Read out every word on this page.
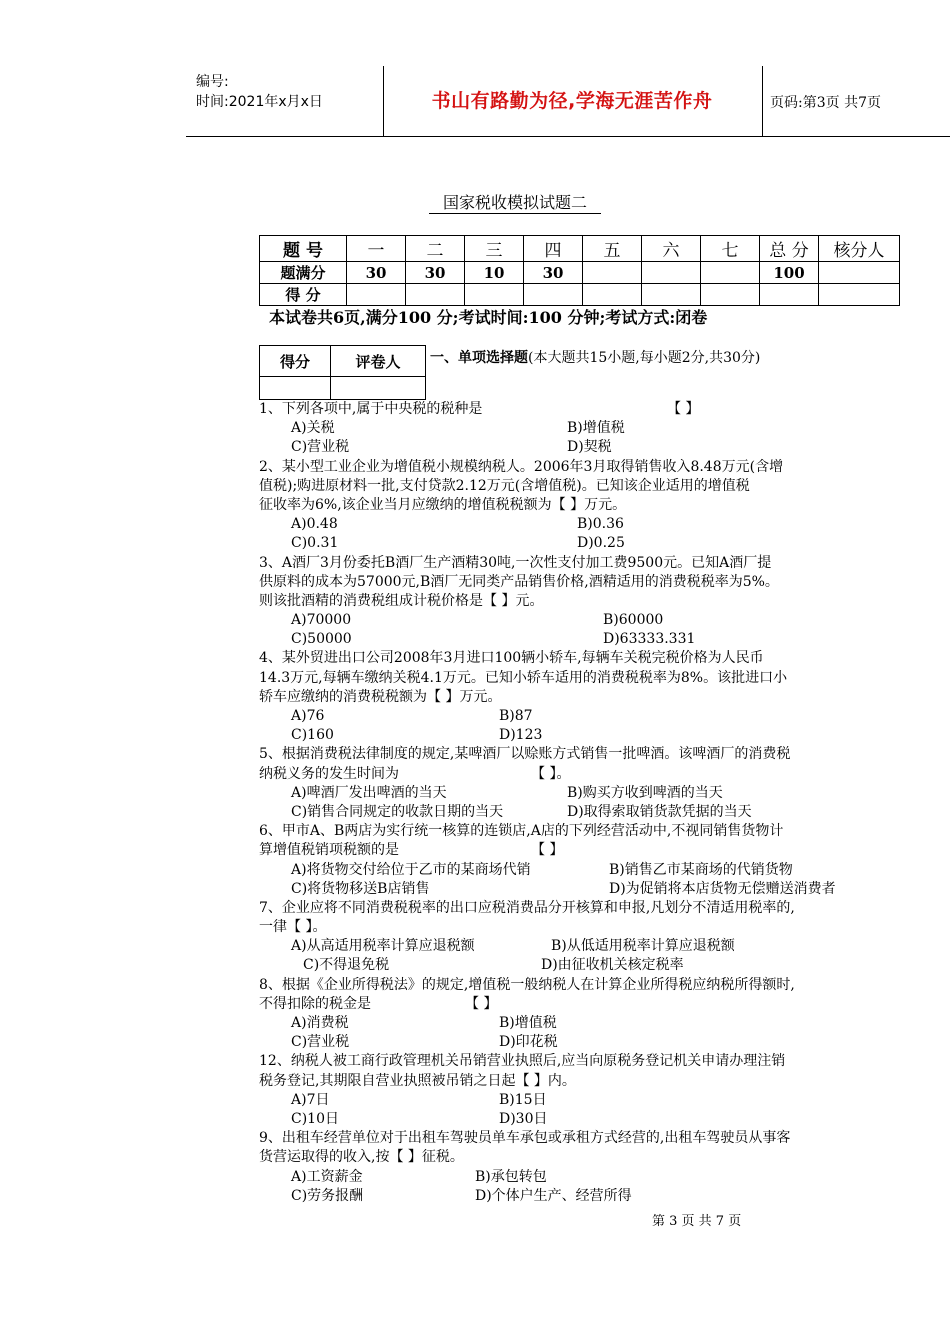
编号:
时间:2021年x月x日	书山有路勤为径,学海无涯苦作舟	页码:第3页 共7页
国家税收模拟试题二
题 号	一	二	三	四	五	六	七	总 分	核分人
题满分	30	30	10	30				100	
得 分									
本试卷共6页,满分100 分;考试时间:100 分钟;考试方式:闭卷
得分	评卷人
	一、单项选择题(本大题共15小题,每小题2分,共30分)
1、下列各项中,属于中央税的税种是	【 】
A)关税	B)增值税
C)营业税	D)契税
2、某小型工业企业为增值税小规模纳税人。2006年3月取得销售收入8.48万元(含增
值税);购进原材料一批,支付贷款2.12万元(含增值税)。已知该企业适用的增值税
征收率为6%,该企业当月应缴纳的增值税税额为【 】万元。
A)0.48	B)0.36
C)0.31	D)0.25
3、A酒厂3月份委托B酒厂生产酒精30吨,一次性支付加工费9500元。已知A酒厂提
供原料的成本为57000元,B酒厂无同类产品销售价格,酒精适用的消费税税率为5%。
则该批酒精的消费税组成计税价格是【 】元。
A)70000	B)60000
C)50000	D)63333.331
4、某外贸进出口公司2008年3月进口100辆小轿车,每辆车关税完税价格为人民币
14.3万元,每辆车缴纳关税4.1万元。已知小轿车适用的消费税税率为8%。该批进口小
轿车应缴纳的消费税税额为【 】万元。
A)76	B)87
C)160	D)123
5、根据消费税法律制度的规定,某啤酒厂以赊账方式销售一批啤酒。该啤酒厂的消费税
纳税义务的发生时间为	【 】。
A)啤酒厂发出啤酒的当天	B)购买方收到啤酒的当天
C)销售合同规定的收款日期的当天	D)取得索取销货款凭据的当天
6、甲市A、B两店为实行统一核算的连锁店,A店的下列经营活动中,不视同销售货物计
算增值税销项税额的是	【 】
A)将货物交付给位于乙市的某商场代销	B)销售乙市某商场的代销货物
C)将货物移送B店销售	D)为促销将本店货物无偿赠送消费者
7、企业应将不同消费税税率的出口应税消费品分开核算和申报,凡划分不清适用税率的,
一律【 】。
A)从高适用税率计算应退税额	B)从低适用税率计算应退税额
C)不得退免税	D)由征收机关核定税率
8、根据《企业所得税法》的规定,增值税一般纳税人在计算企业所得税应纳税所得额时,
不得扣除的税金是	【 】
A)消费税	B)增值税
C)营业税	D)印花税
12、纳税人被工商行政管理机关吊销营业执照后,应当向原税务登记机关申请办理注销
税务登记,其期限自营业执照被吊销之日起【 】内。
A)7日	B)15日
C)10日	D)30日
9、出租车经营单位对于出租车驾驶员单车承包或承租方式经营的,出租车驾驶员从事客
货营运取得的收入,按【 】征税。
A)工资薪金	B)承包转包
C)劳务报酬	D)个体户生产、经营所得
第 3 页 共 7 页
